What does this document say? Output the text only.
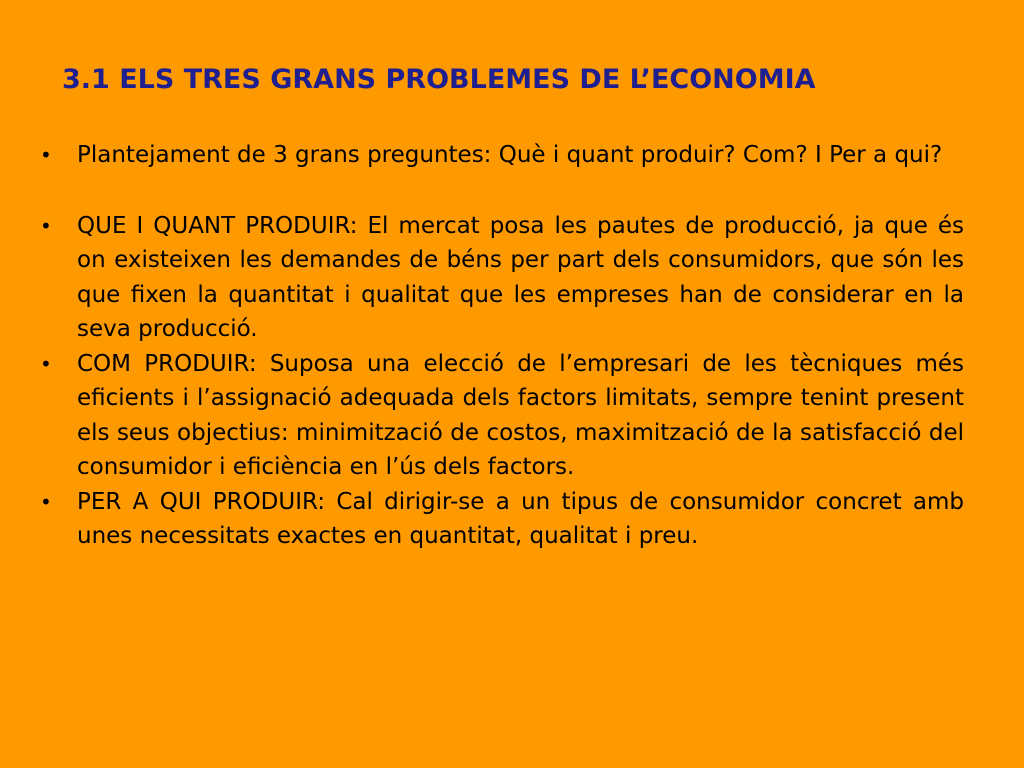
3.1 ELS TRES GRANS PROBLEMES DE L’ECONOMIA
•	Plantejament de 3 grans preguntes: Què i quant produir? Com? I Per a qui?
•	QUE I QUANT PRODUIR: El mercat posa les pautes de producció, ja que és on existeixen les demandes de béns per part dels consumidors, que són les que fixen la quantitat i qualitat que les empreses han de considerar en la seva producció.
•	COM PRODUIR: Suposa una elecció de l’empresari de les tècniques més eficients i l’assignació adequada dels factors limitats, sempre tenint present els seus objectius: minimització de costos, maximització de la satisfacció del consumidor i eficiència en l’ús dels factors.
•	PER A QUI PRODUIR: Cal dirigir-se a un tipus de consumidor concret amb unes necessitats exactes en quantitat, qualitat i preu.
